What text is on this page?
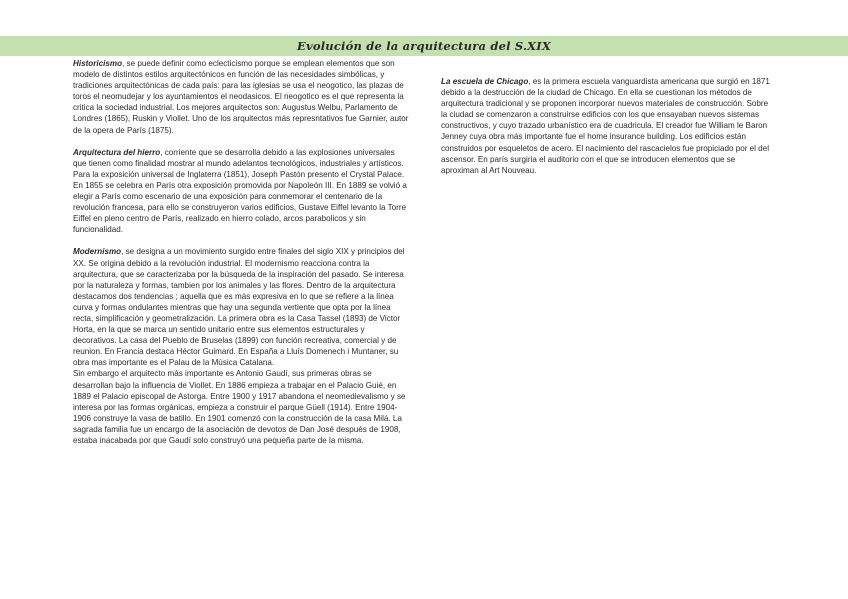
Evolución de la arquitectura del S.XIX

Historicismo, se puede definir como eclecticismo porque se emplean elementos que son modelo de distintos estilos arquitectónicos en función de las necesidades simbólicas, y tradiciones arquitectónicas de cada país: para las iglesias se usa el neogotico, las plazas de toros el neomudejar y los ayuntamientos el neodasicos. El neogotico es el que representa la critica la sociedad industrial. Los mejores arquitectos son: Augustus Welbu, Parlamento de Londres (1865), Ruskin y Viollet. Uno de los arquitectos más represntativos fue Garnier, autor de la opera de París (1875).

Arquitectura del hierro, corriente que se desarrolla debido a las explosiones universales que tienen como finalidad mostrar al mundo adelantos tecnológicos, industriales y artísticos. Para la exposición universal de Inglaterra (1851), Joseph Pastón presento el Crystal Palace. En 1855 se celebra en París otra exposición promovida por Napoleón III. En 1889 se volvió a elegir a París como escenario de una exposición para conmemorar el centenario de la revolución francesa, para ello se construyeron varios edificios, Gustave Eiffel levanto la Torre Eiffel en pleno centro de París, realizado en hierro colado, arcos parabolicos y sin funcionalidad.

Modernismo, se designa a un movimiento surgido entre finales del siglo XIX y principios del XX. Se origina debido a la revolución industrial. El modernismo reacciona contra la arquitectura, que se caracterizaba por la búsqueda de la inspiración del pasado. Se interesa por la naturaleza y formas, tambien por los animales y las flores. Dentro de la arquitectura destacamos dos tendencias ; aquella que es más expresiva en lo que se refiere a la línea curva y formas ondulantes mientras que hay una segunda vertiente que opta por la línea recta, simplificación y geometralización. La primera obra es la Casa Tassel (1893) de Victor Horta, en la que se marca un sentido unitario entre sus elementos estructurales y decorativos. La casa del Pueblo de Bruselas (1899) con función recreativa, comercial y de reunion. En Francia destaca Héctor Guimard. En España a Lluís Domenech i Muntaner, su obra mas importante es el Palau de la Música Catalana.

Sin embargo el arquitecto más importante es Antonio Gaudí, sus primeras obras se desarrollan bajo la influencia de Viollet. En 1886 empieza a trabajar en el Palacio Guié, en 1889 el Palacio episcopal de Astorga. Entre 1900 y 1917 abandona el neomedievalismo y se interesa por las formas orgánicas, empieza a construir el parque Güell (1914). Entre 1904-1906 construye la vasa de batillo. En 1901 comenzó con la construcción de la casa Milá. La sagrada familia fue un encargo de la asociación de devotos de Dan José después de 1908, estaba inacabada por que Gaudí solo construyó una pequeña parte de la misma.

La escuela de Chicago, es la primera escuela vanguardista americana que surgió en 1871 debido a la destrucción de la ciudad de Chicago. En ella se cuestionan los métodos de arquitectura tradicional y se proponen incorporar nuevos materiales de construcción. Sobre la ciudad se comenzaron a construirse edificios con los que ensayaban nuevos sistemas constructivos, y cuyo trazado urbanístico era de cuadricula. El creador fue William le Baron Jenney cuya obra más importante fue el home insurance building. Los edificios están construidos por esqueletos de acero. El nacimiento del rascacielos fue propiciado por el del ascensor. En parís surgiria el auditorio con el que se introducen elementos que se aproximan al Art Nouveau.
